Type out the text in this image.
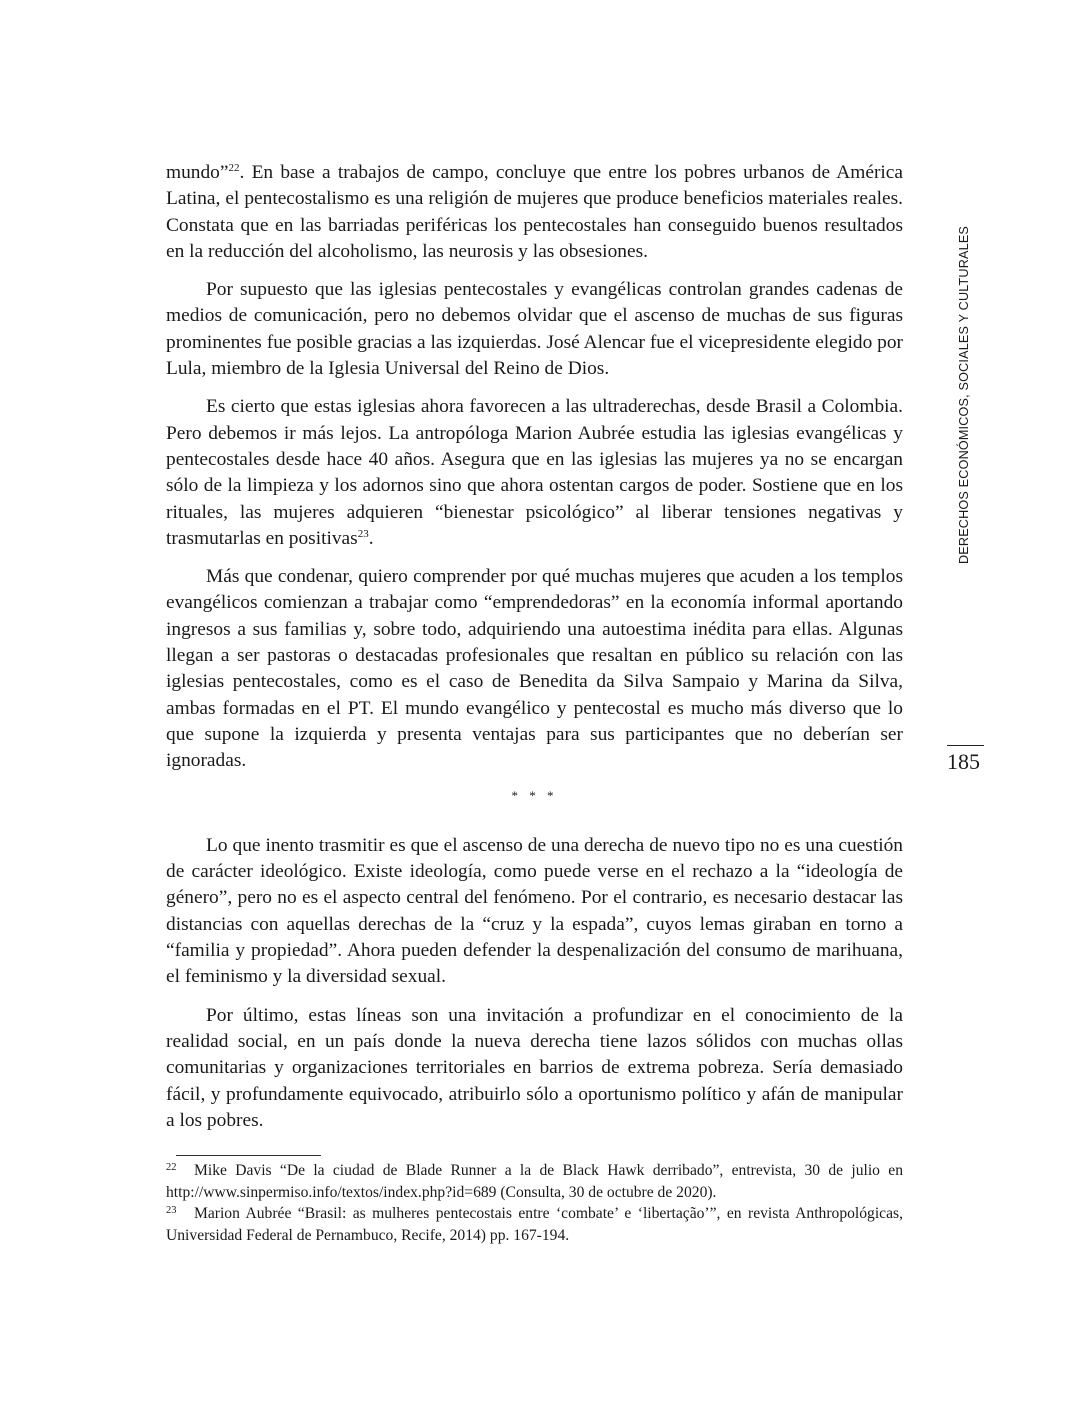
mundo”$^{22}$. En base a trabajos de campo, concluye que entre los pobres urbanos de América Latina, el pentecostalismo es una religión de mujeres que produce beneficios materiales reales. Constata que en las barriadas periféricas los pentecostales han conseguido buenos resultados en la reducción del alcoholismo, las neurosis y las obsesiones.

Por supuesto que las iglesias pentecostales y evangélicas controlan grandes cadenas de medios de comunicación, pero no debemos olvidar que el ascenso de muchas de sus figuras prominentes fue posible gracias a las izquierdas. José Alencar fue el vicepresidente elegido por Lula, miembro de la Iglesia Universal del Reino de Dios.

Es cierto que estas iglesias ahora favorecen a las ultraderechas, desde Brasil a Colombia. Pero debemos ir más lejos. La antropóloga Marion Aubrée estudia las iglesias evangélicas y pentecostales desde hace 40 años. Asegura que en las iglesias las mujeres ya no se encargan sólo de la limpieza y los adornos sino que ahora ostentan cargos de poder. Sostiene que en los rituales, las mujeres adquieren “bienestar psicológico” al liberar tensiones negativas y trasmutarlas en positivas$^{23}$.

Más que condenar, quiero comprender por qué muchas mujeres que acuden a los templos evangélicos comienzan a trabajar como “emprendedoras” en la economía informal aportando ingresos a sus familias y, sobre todo, adquiriendo una autoestima inédita para ellas. Algunas llegan a ser pastoras o destacadas profesionales que resaltan en público su relación con las iglesias pentecostales, como es el caso de Benedita da Silva Sampaio y Marina da Silva, ambas formadas en el PT. El mundo evangélico y pentecostal es mucho más diverso que lo que supone la izquierda y presenta ventajas para sus participantes que no deberían ser ignoradas.

* * *

Lo que inento trasmitir es que el ascenso de una derecha de nuevo tipo no es una cuestión de carácter ideológico. Existe ideología, como puede verse en el rechazo a la “ideología de género”, pero no es el aspecto central del fenómeno. Por el contrario, es necesario destacar las distancias con aquellas derechas de la “cruz y la espada”, cuyos lemas giraban en torno a “familia y propiedad”. Ahora pueden defender la despenalización del consumo de marihuana, el feminismo y la diversidad sexual.

Por último, estas líneas son una invitación a profundizar en el conocimiento de la realidad social, en un país donde la nueva derecha tiene lazos sólidos con muchas ollas comunitarias y organizaciones territoriales en barrios de extrema pobreza. Sería demasiado fácil, y profundamente equivocado, atribuirlo sólo a oportunismo político y afán de manipular a los pobres.

22 Mike Davis “De la ciudad de Blade Runner a la de Black Hawk derribado”, entrevista, 30 de julio en http://www.sinpermiso.info/textos/index.php?id=689 (Consulta, 30 de octubre de 2020).

23 Marion Aubrée “Brasil: as mulheres pentecostais entre ‘combate’ e ‘libertação’”, en revista Anthropológicas, Universidad Federal de Pernambuco, Recife, 2014) pp. 167-194.

DERECHOS ECONÓMICOS, SOCIALES Y CULTURALES
185
